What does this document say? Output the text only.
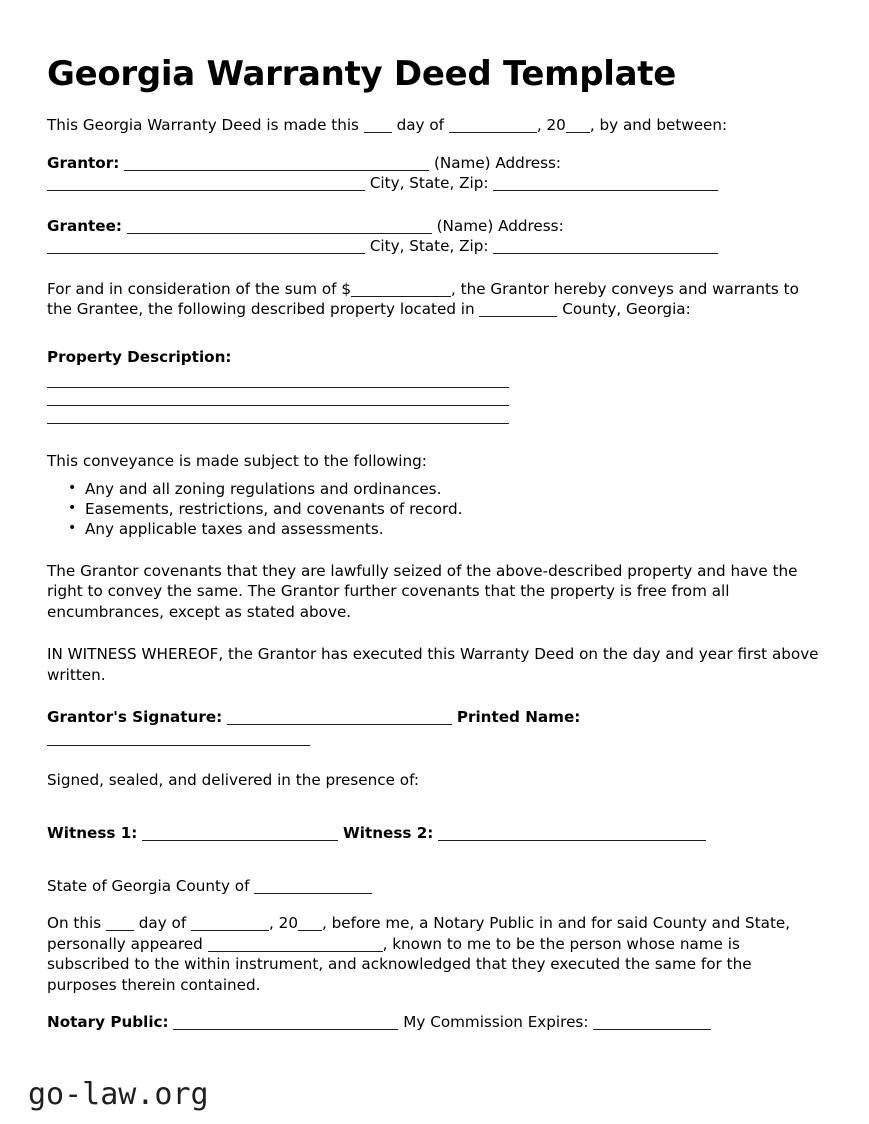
Georgia Warranty Deed Template

This Georgia Warranty Deed is made this day of	, 20 , by and between:

Grantor:	(Name) Address:  City, State, Zip:

Grantee:	(Name) Address:  City, State, Zip:

For and in consideration of the sum of $	, the Grantor hereby conveys and warrants to the Grantee, the following described property located in	County, Georgia:

Property Description:

This conveyance is made subject to the following:

• Any and all zoning regulations and ordinances.
• Easements, restrictions, and covenants of record.
• Any applicable taxes and assessments.

The Grantor covenants that they are lawfully seized of the above-described property and have the right to convey the same. The Grantor further covenants that the property is free from all encumbrances, except as stated above.

IN WITNESS WHEREOF, the Grantor has executed this Warranty Deed on the day and year first above written.

Grantor's Signature:	Printed Name:

Signed, sealed, and delivered in the presence of:

Witness 1:	Witness 2:

State of Georgia County of

On this day of	, 20 , before me, a Notary Public in and for said County and State, personally appeared	, known to me to be the person whose name is subscribed to the within instrument, and acknowledged that they executed the same for the purposes therein contained.

Notary Public:	My Commission Expires:

go-law.org
